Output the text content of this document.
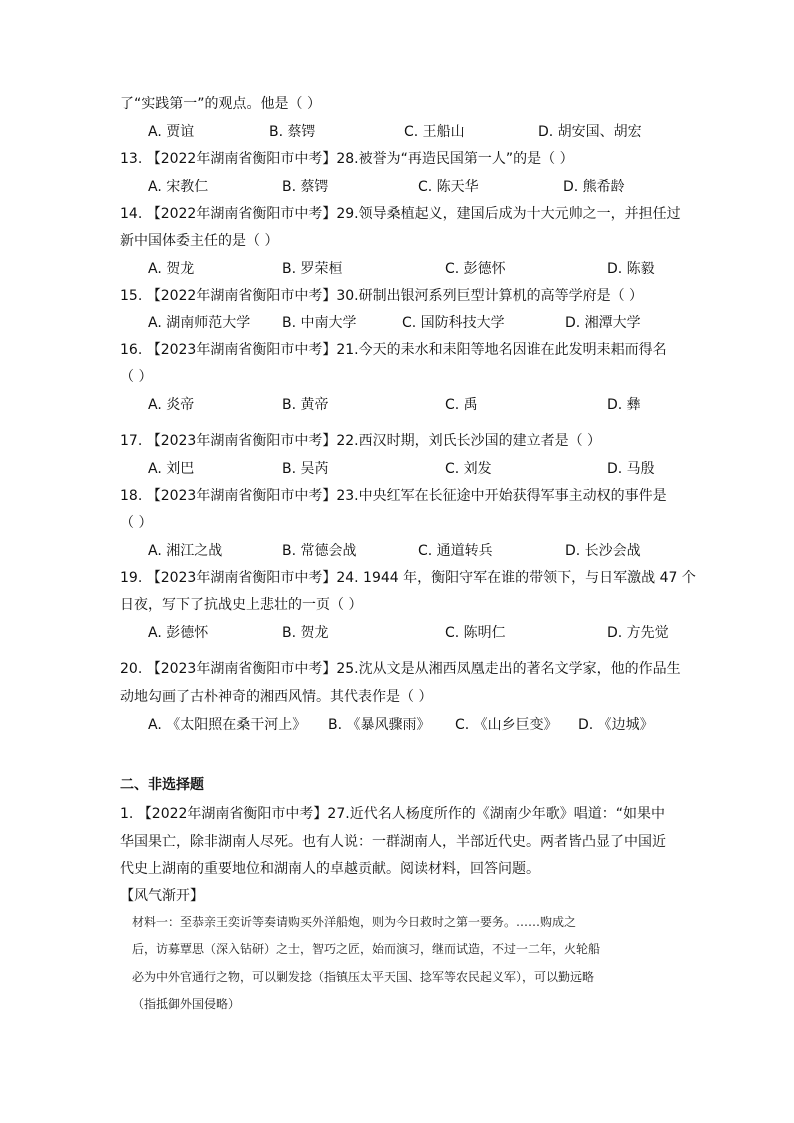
了“实践第一”的观点。他是（ ）
A. 贾谊	B. 蔡锷	C. 王船山	D. 胡安国、胡宏
13. 【2022年湖南省衡阳市中考】28.被誉为“再造民国第一人”的是（ ）
A. 宋教仁	B. 蔡锷	C. 陈天华	D. 熊希龄
14. 【2022年湖南省衡阳市中考】29.领导桑植起义，建国后成为十大元帅之一，并担任过
新中国体委主任的是（ ）
A. 贺龙	B. 罗荣桓	C. 彭德怀	D. 陈毅
15. 【2022年湖南省衡阳市中考】30.研制出银河系列巨型计算机的高等学府是（ ）
A. 湖南师范大学 B. 中南大学	C. 国防科技大学	D. 湘潭大学
16. 【2023年湖南省衡阳市中考】21.今天的耒水和耒阳等地名因谁在此发明耒耜而得名
（ ）
A. 炎帝	B. 黄帝	C. 禹	D. 彝
17. 【2023年湖南省衡阳市中考】22.西汉时期，刘氏长沙国的建立者是（ ）
A. 刘巴	B. 吴芮	C. 刘发	D. 马殷
18. 【2023年湖南省衡阳市中考】23.中央红军在长征途中开始获得军事主动权的事件是
（ ）
A. 湘江之战	B. 常德会战	C. 通道转兵	D. 长沙会战
19. 【2023年湖南省衡阳市中考】24. 1944 年，衡阳守军在谁的带领下，与日军激战 47 个
日夜，写下了抗战史上悲壮的一页（ ）
A. 彭德怀	B. 贺龙	C. 陈明仁	D. 方先觉
20. 【2023年湖南省衡阳市中考】25.沈从文是从湘西凤凰走出的著名文学家，他的作品生
动地勾画了古朴神奇的湘西风情。其代表作是（ ）
A. 《太阳照在桑干河上》 B. 《暴风骤雨》 C. 《山乡巨变》 D. 《边城》
二、非选择题
1. 【2022年湖南省衡阳市中考】27.近代名人杨度所作的《湖南少年歌》唱道：“如果中
华国果亡，除非湖南人尽死。也有人说：一群湖南人，半部近代史。两者皆凸显了中国近
代史上湖南的重要地位和湖南人的卓越贡献。阅读材料，回答问题。
【风气渐开】
材料一：至恭亲王奕䜣等奏请购买外洋船炮，则为今日救时之第一要务。……购成之
后，访募覃思（深入钻研）之士，智巧之匠，始而演习，继而试造，不过一二年，火轮船
必为中外官通行之物，可以剿发捻（指镇压太平天国、捻军等农民起义军），可以勤远略
（指抵御外国侵略）
